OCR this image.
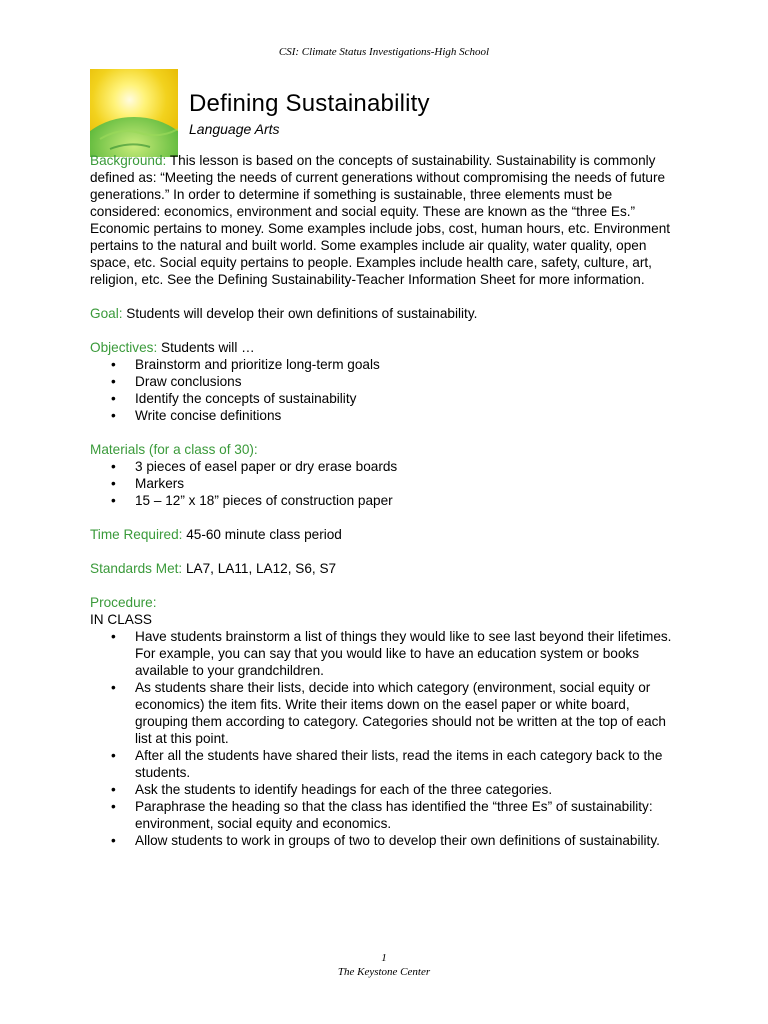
CSI: Climate Status Investigations-High School
Defining Sustainability
Language Arts

Background: This lesson is based on the concepts of sustainability. Sustainability is commonly defined as: “Meeting the needs of current generations without compromising the needs of future generations.” In order to determine if something is sustainable, three elements must be considered: economics, environment and social equity. These are known as the “three Es.” Economic pertains to money. Some examples include jobs, cost, human hours, etc. Environment pertains to the natural and built world. Some examples include air quality, water quality, open space, etc. Social equity pertains to people. Examples include health care, safety, culture, art, religion, etc. See the Defining Sustainability-Teacher Information Sheet for more information.

Goal: Students will develop their own definitions of sustainability.

Objectives: Students will …

• Brainstorm and prioritize long-term goals
• Draw conclusions
• Identify the concepts of sustainability
• Write concise definitions

Materials (for a class of 30):

• 3 pieces of easel paper or dry erase boards
• Markers
• 15 – 12” x 18” pieces of construction paper

Time Required: 45-60 minute class period

Standards Met: LA7, LA11, LA12, S6, S7

Procedure:

IN CLASS

• Have students brainstorm a list of things they would like to see last beyond their lifetimes. For example, you can say that you would like to have an education system or books available to your grandchildren.
• As students share their lists, decide into which category (environment, social equity or economics) the item fits. Write their items down on the easel paper or white board, grouping them according to category. Categories should not be written at the top of each list at this point.
• After all the students have shared their lists, read the items in each category back to the students.
• Ask the students to identify headings for each of the three categories.
• Paraphrase the heading so that the class has identified the “three Es” of sustainability: environment, social equity and economics.
• Allow students to work in groups of two to develop their own definitions of sustainability.
1
The Keystone Center
